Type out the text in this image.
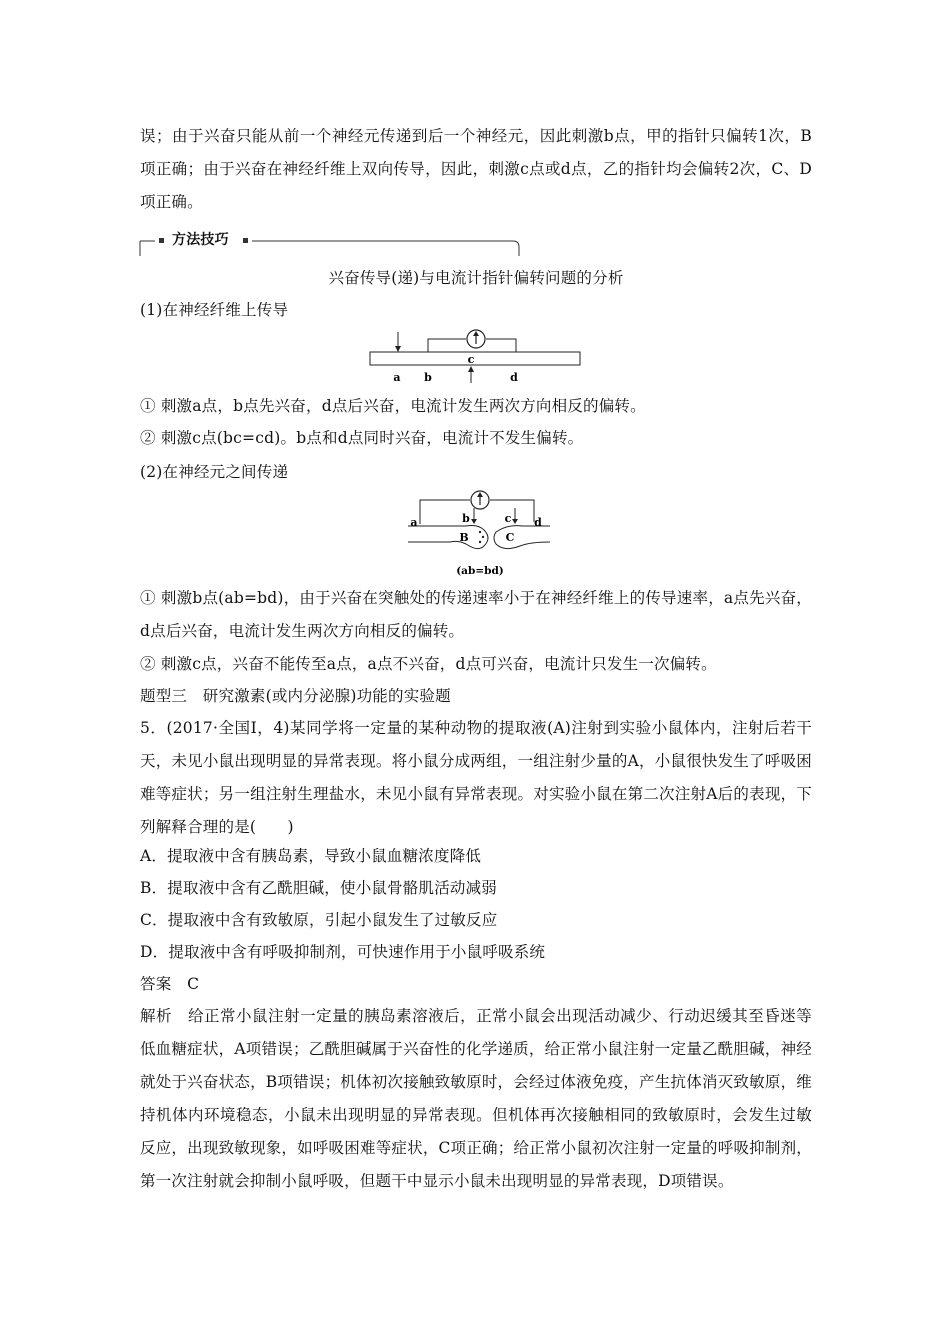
误；由于兴奋只能从前一个神经元传递到后一个神经元，因此刺激b点，甲的指针只偏转1次，B项正确；由于兴奋在神经纤维上双向传导，因此，刺激c点或d点，乙的指针均会偏转2次，C、D项正确。
方法技巧
兴奋传导(递)与电流计指针偏转问题的分析
(1)在神经纤维上传导
a b
c
d
① 刺激a点，b点先兴奋，d点后兴奋，电流计发生两次方向相反的偏转。
② 刺激c点(bc=cd)。b点和d点同时兴奋，电流计不发生偏转。
(2)在神经元之间传递
a	b	c d
B	C
(ab=bd)
① 刺激b点(ab=bd)，由于兴奋在突触处的传递速率小于在神经纤维上的传导速率，a点先兴奋，d点后兴奋，电流计发生两次方向相反的偏转。
② 刺激c点，兴奋不能传至a点，a点不兴奋，d点可兴奋，电流计只发生一次偏转。
题型三　研究激素(或内分泌腺)功能的实验题
5．(2017·全国Ⅰ，4)某同学将一定量的某种动物的提取液(A)注射到实验小鼠体内，注射后若干天，未见小鼠出现明显的异常表现。将小鼠分成两组，一组注射少量的A，小鼠很快发生了呼吸困难等症状；另一组注射生理盐水，未见小鼠有异常表现。对实验小鼠在第二次注射A后的表现，下列解释合理的是(　　)
A．提取液中含有胰岛素，导致小鼠血糖浓度降低
B．提取液中含有乙酰胆碱，使小鼠骨骼肌活动减弱
C．提取液中含有致敏原，引起小鼠发生了过敏反应
D．提取液中含有呼吸抑制剂，可快速作用于小鼠呼吸系统
答案　C
解析　给正常小鼠注射一定量的胰岛素溶液后，正常小鼠会出现活动减少、行动迟缓其至昏迷等低血糖症状，A项错误；乙酰胆碱属于兴奋性的化学递质，给正常小鼠注射一定量乙酰胆碱，神经就处于兴奋状态，B项错误；机体初次接触致敏原时，会经过体液免疫，产生抗体消灭致敏原，维持机体内环境稳态，小鼠未出现明显的异常表现。但机体再次接触相同的致敏原时，会发生过敏反应，出现致敏现象，如呼吸困难等症状，C项正确；给正常小鼠初次注射一定量的呼吸抑制剂，第一次注射就会抑制小鼠呼吸，但题干中显示小鼠未出现明显的异常表现，D项错误。
